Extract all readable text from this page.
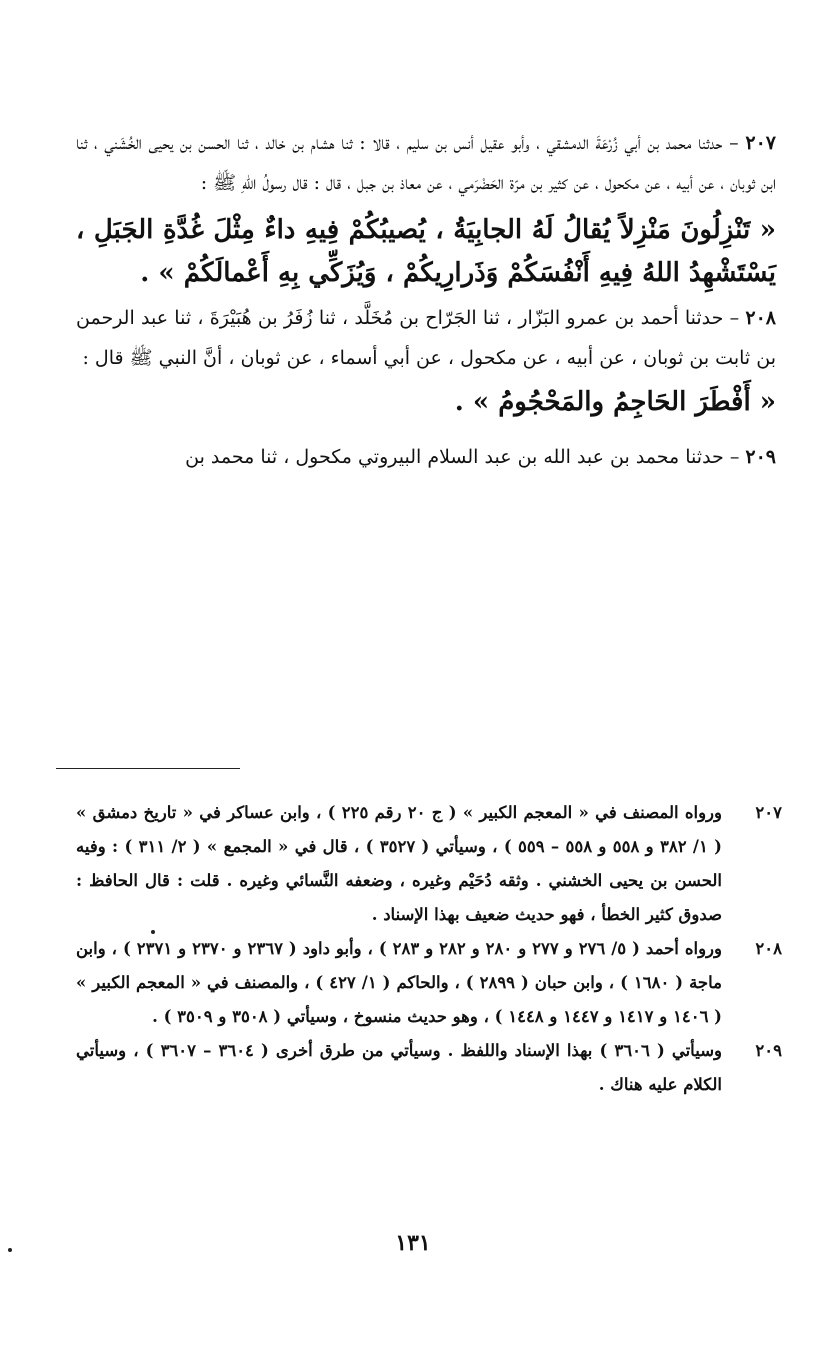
٢٠٧ – حدثنا محمد بن أبي زُرْعَةَ الدمشقي ، وأبو عقيل أنس بن سليم ، قالا : ثنا هشام بن خالد ، ثنا الحسن بن يحيى الخُشَني ، ثنا ابن ثوبان ، عن أبيه ، عن مكحول ، عن كثير بن مرّة الحَضْرَمي ، عن معاذ بن جبل ، قال : قال رسولُ اللهِ ﷺ :

« تَنْزِلُونَ مَنْزِلاً يُقالُ لَهُ الجابِيَةُ ، يُصيبُكُمْ فِيهِ داءٌ مِثْلَ غُدَّةِ الجَبَلِ ، يَسْتَشْهِدُ اللهُ فِيهِ أَنْفُسَكُمْ وَذَرارِيكُمْ ، وَيُزَكِّي بِهِ أَعْمالَكُمْ » .

٢٠٨ – حدثنا أحمد بن عمرو البَزّار ، ثنا الجَرّاح بن مُخَلَّد ، ثنا زُفَرُ بن هُبَيْرَةَ ، ثنا عبد الرحمن بن ثابت بن ثوبان ، عن أبيه ، عن مكحول ، عن أبي أسماء ، عن ثوبان ، أنَّ النبي ﷺ قال :

« أَفْطَرَ الحَاجِمُ والمَحْجُومُ » .

٢٠٩ – حدثنا محمد بن عبد الله بن عبد السلام البيروتي مكحول ، ثنا محمد بن

٢٠٧
ورواه المصنف في « المعجم الكبير » ( ج ٢٠ رقم ٢٢٥ ) ، وابن عساكر في « تاريخ دمشق » ( ١/ ٣٨٢ و ٥٥٨ و ٥٥٨ – ٥٥٩ ) ، وسيأتي ( ٣٥٢٧ ) ، قال في « المجمع » ( ٢/ ٣١١ ) : وفيه الحسن بن يحيى الخشني . وثقه دُحَيْم وغيره ، وضعفه النَّسائي وغيره . قلت : قال الحافظ : صدوق كثير الخطأ ، فهو حديث ضعيف بهذا الإسناد .

٢٠٨
ورواه أحمد ( ٥/ ٢٧٦ و ٢٧٧ و ٢٨٠ و ٢٨٢ و ٢٨٣ ) ، وأبو داود ( ٢٣٦٧ و ٢٣٧٠ و ٢٣٧١ ) ، وابن ماجة ( ١٦٨٠ ) ، وابن حبان ( ٢٨٩٩ ) ، والحاكم ( ١/ ٤٢٧ ) ، والمصنف في « المعجم الكبير » ( ١٤٠٦ و ١٤١٧ و ١٤٤٧ و ١٤٤٨ ) ، وهو حديث منسوخ ، وسيأتي ( ٣٥٠٨ و ٣٥٠٩ ) .

٢٠٩
وسيأتي ( ٣٦٠٦ ) بهذا الإسناد واللفظ . وسيأتي من طرق أخرى ( ٣٦٠٤ – ٣٦٠٧ ) ، وسيأتي الكلام عليه هناك .

١٣١
